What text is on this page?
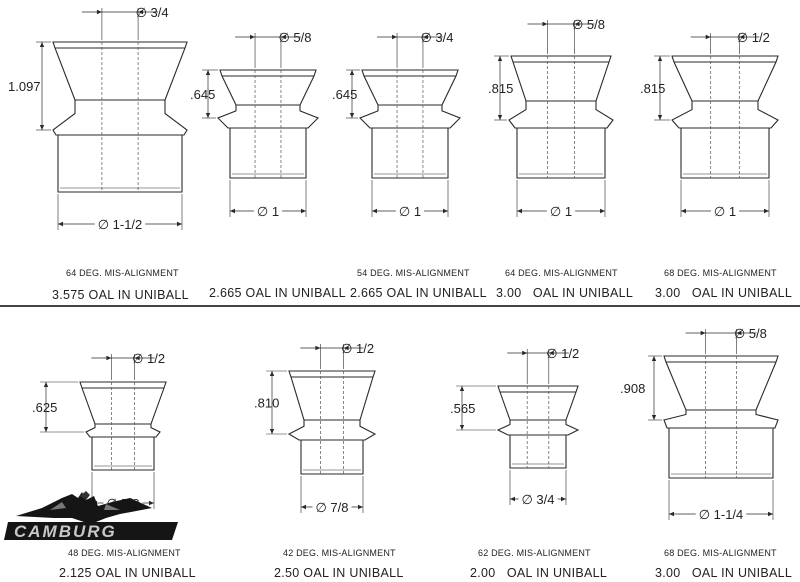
∅ 3/4
1.097
∅ 1-1/2
∅ 5/8
.645
∅ 1
∅ 3/4
.645
∅ 1
∅ 5/8
.815
∅ 1
∅ 1/2
.815
∅ 1
∅ 1/2
.625
∅ 1/2
.810
∅ 7/8
∅ 1/2
.565
∅ 3/4
∅ 5/8
.908
∅ 1-1/4
64 DEG. MIS-ALIGNMENT
3.575 OAL IN UNIBALL 2.665 OAL IN UNIBALL
54 DEG. MIS-ALIGNMENT
2.665 OAL IN UNIBALL
64 DEG. MIS-ALIGNMENT
3.00   OAL IN UNIBALL
68 DEG. MIS-ALIGNMENT
3.00   OAL IN UNIBALL
48 DEG. MIS-ALIGNMENT
2.125 OAL IN UNIBALL
42 DEG. MIS-ALIGNMENT
2.50 OAL IN UNIBALL
62 DEG. MIS-ALIGNMENT
2.00   OAL IN UNIBALL
68 DEG. MIS-ALIGNMENT
3.00   OAL IN UNIBALL
CAMBURG
